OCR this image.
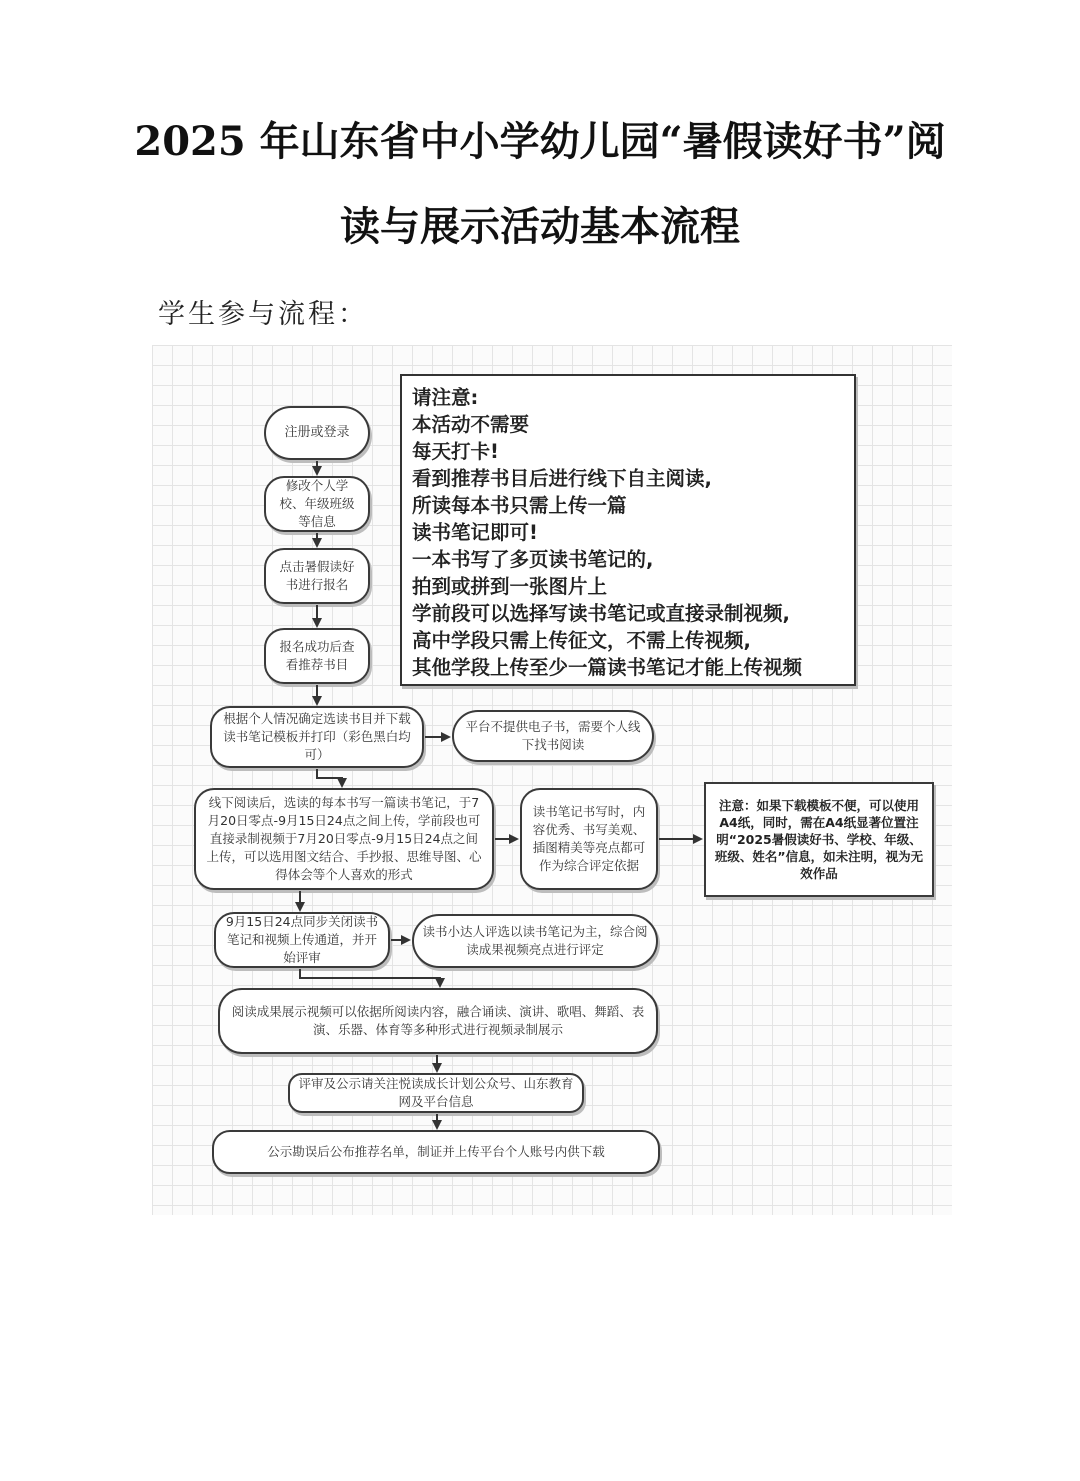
2025 年山东省中小学幼儿园“暑假读好书”阅
读与展示活动基本流程
学生参与流程：
请注意:
本活动不需要
每天打卡!
看到推荐书目后进行线下自主阅读,
所读每本书只需上传一篇
读书笔记即可!
一本书写了多页读书笔记的,
拍到或拼到一张图片上
学前段可以选择写读书笔记或直接录制视频,
高中学段只需上传征文，不需上传视频,
其他学段上传至少一篇读书笔记才能上传视频
注册或登录
修改个人学校、年级班级等信息
点击暑假读好书进行报名
报名成功后查看推荐书目
根据个人情况确定选读书目并下载读书笔记模板并打印（彩色黑白均可）
平台不提供电子书，需要个人线下找书阅读
线下阅读后，选读的每本书写一篇读书笔记，于7月20日零点-9月15日24点之间上传，学前段也可直接录制视频于7月20日零点-9月15日24点之间上传，可以选用图文结合、手抄报、思维导图、心得体会等个人喜欢的形式
读书笔记书写时，内容优秀、书写美观、插图精美等亮点都可作为综合评定依据
注意：如果下载模板不便，可以使用A4纸，同时，需在A4纸显著位置注明“2025暑假读好书、学校、年级、班级、姓名”信息，如未注明，视为无效作品
9月15日24点同步关闭读书笔记和视频上传通道，并开始评审
读书小达人评选以读书笔记为主，综合阅读成果视频亮点进行评定
阅读成果展示视频可以依据所阅读内容，融合诵读、演讲、歌唱、舞蹈、表演、乐器、体育等多种形式进行视频录制展示
评审及公示请关注悦读成长计划公众号、山东教育网及平台信息
公示勘误后公布推荐名单，制证并上传平台个人账号内供下载
